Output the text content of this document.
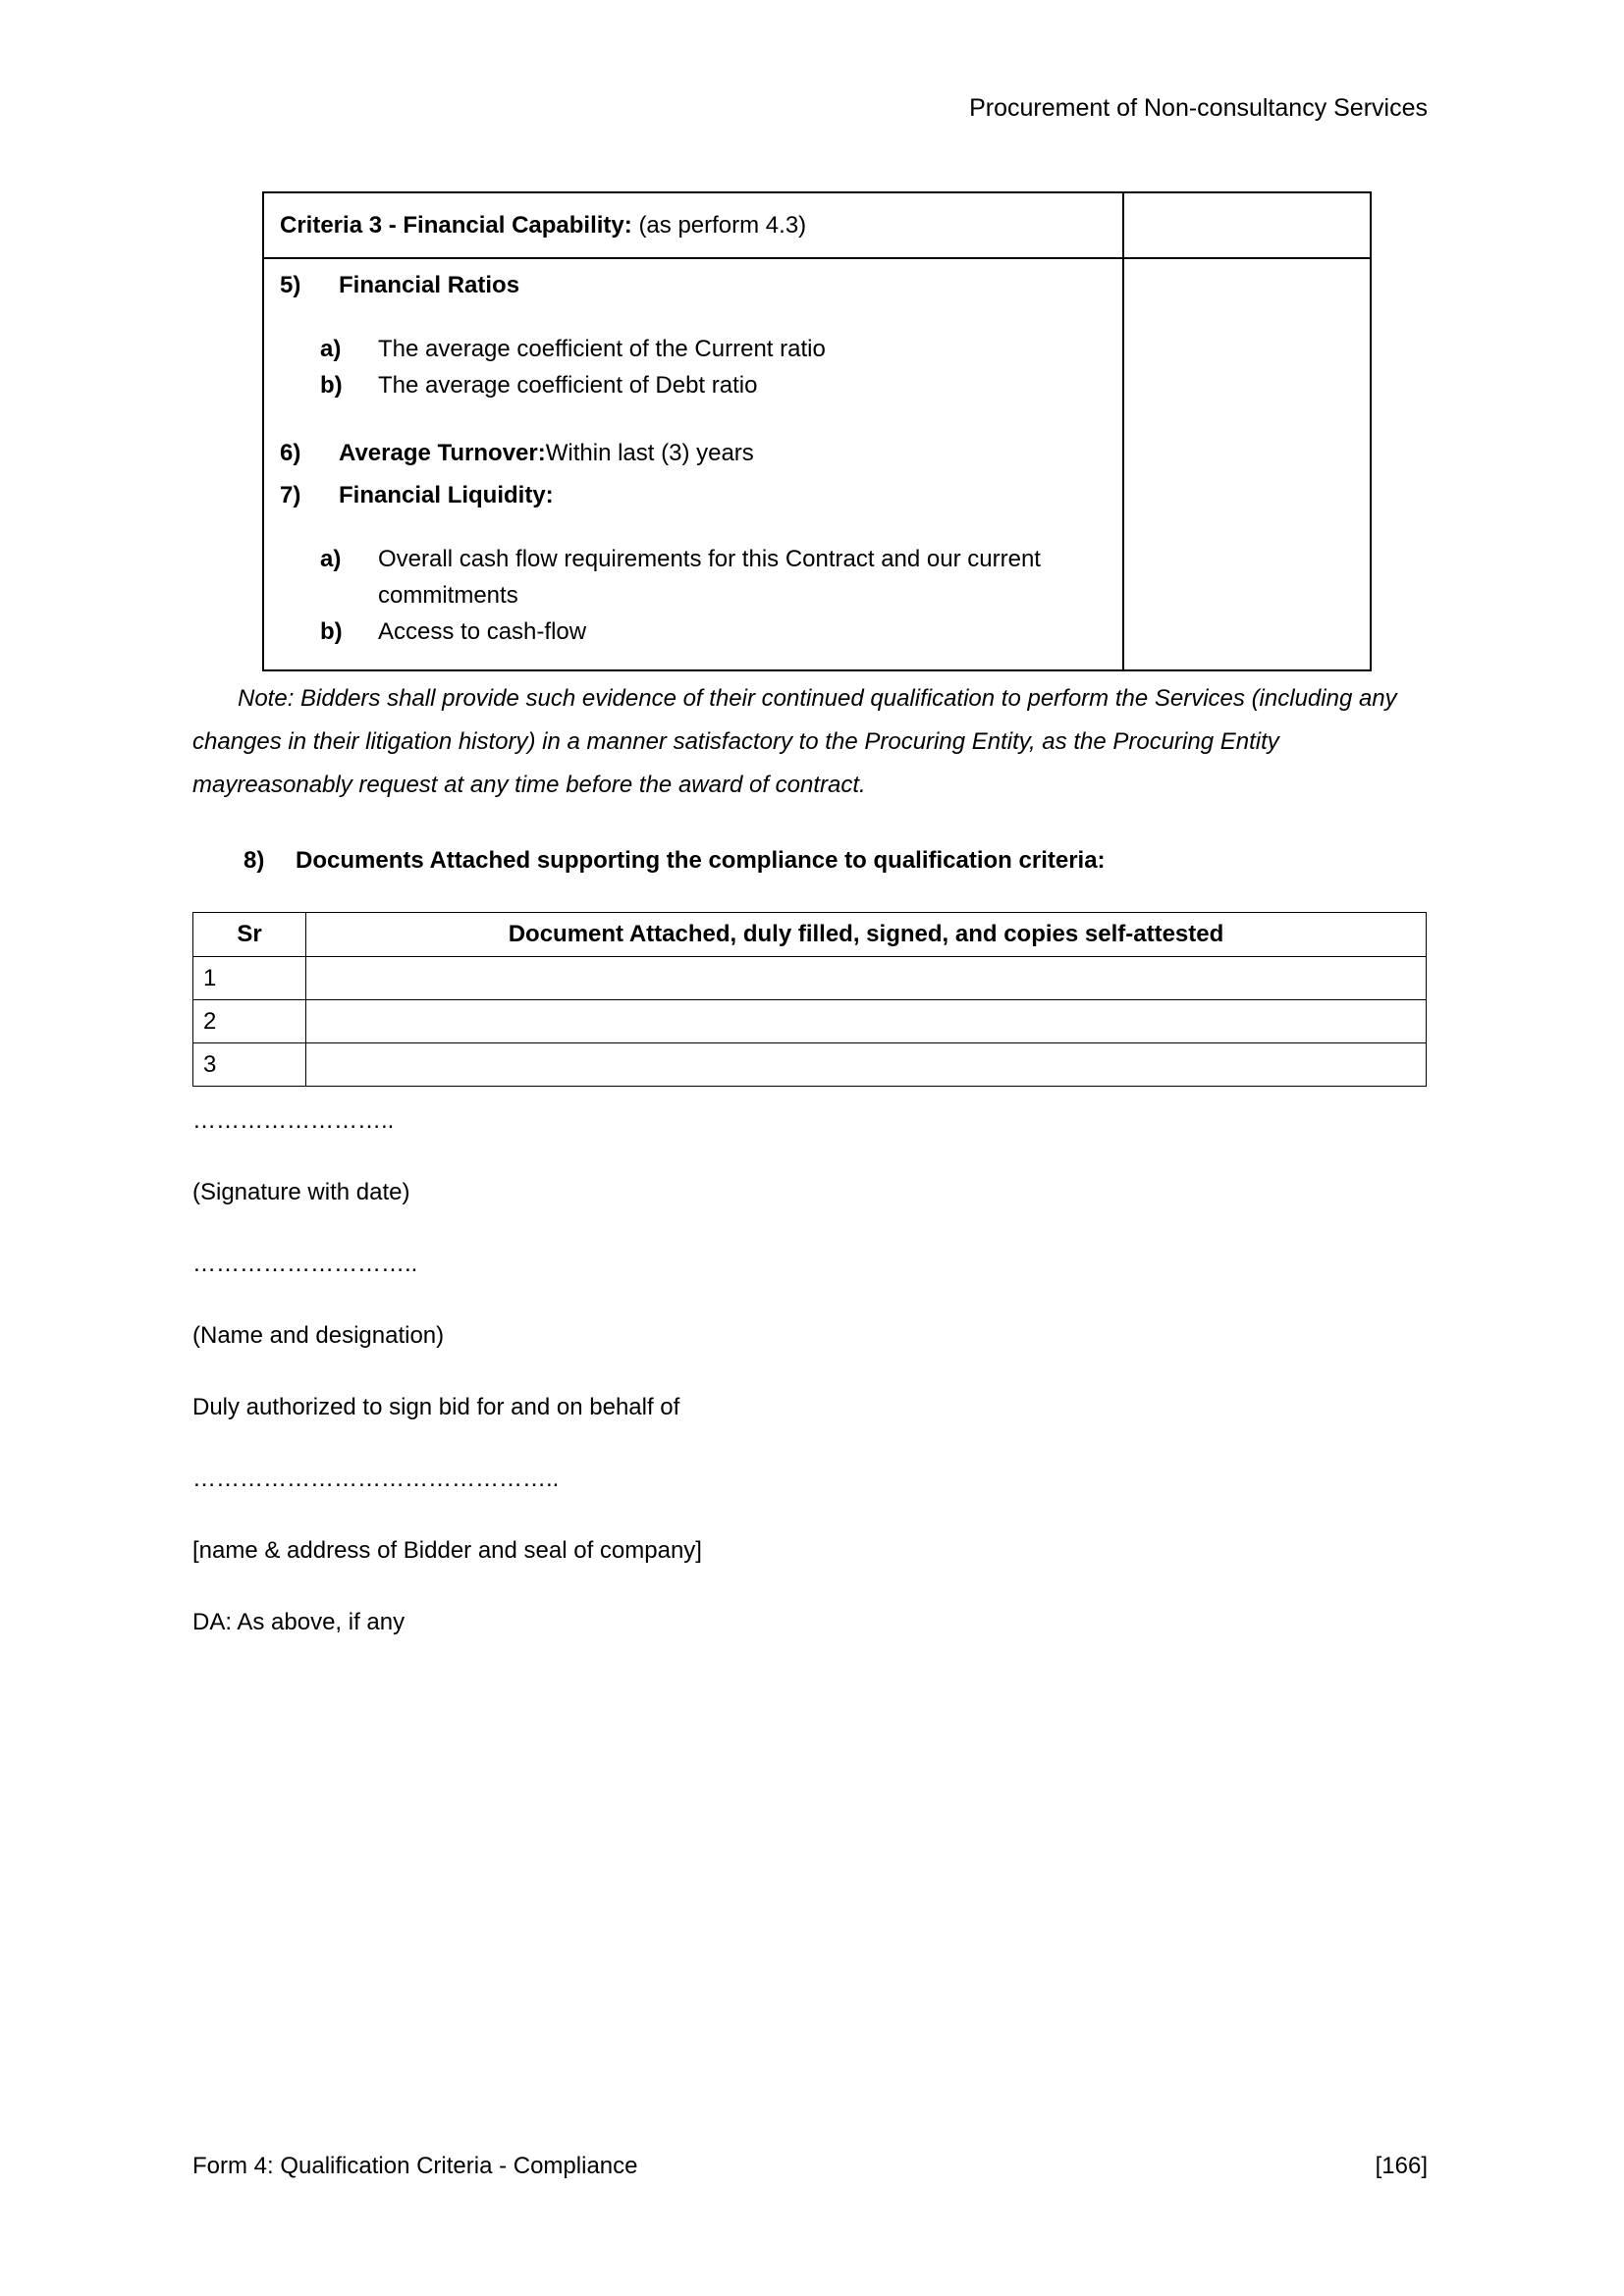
Procurement of Non-consultancy Services
Criteria 3 - Financial Capability: (as perform 4.3)	

5)	Financial Ratios
a)	The average coefficient of the Current ratio
b)	The average coefficient of Debt ratio
6)	Average Turnover:Within last (3) years
7)	Financial Liquidity:
a)	Overall cash flow requirements for this Contract and our current commitments
b)	Access to cash-flow

Note: Bidders shall provide such evidence of their continued qualification to perform the Services (including any changes in their litigation history) in a manner satisfactory to the Procuring Entity, as the Procuring Entity mayreasonably request at any time before the award of contract.

8)	Documents Attached supporting the compliance to qualification criteria:
Sr	Document Attached, duly filled, signed, and copies self-attested
1	
2	
3	

……………………..

(Signature with date)

………………………..

(Name and designation)

Duly authorized to sign bid for and on behalf of

………………………………………..

[name & address of Bidder and seal of company]

DA: As above, if any

Form 4: Qualification Criteria - Compliance	[166]
